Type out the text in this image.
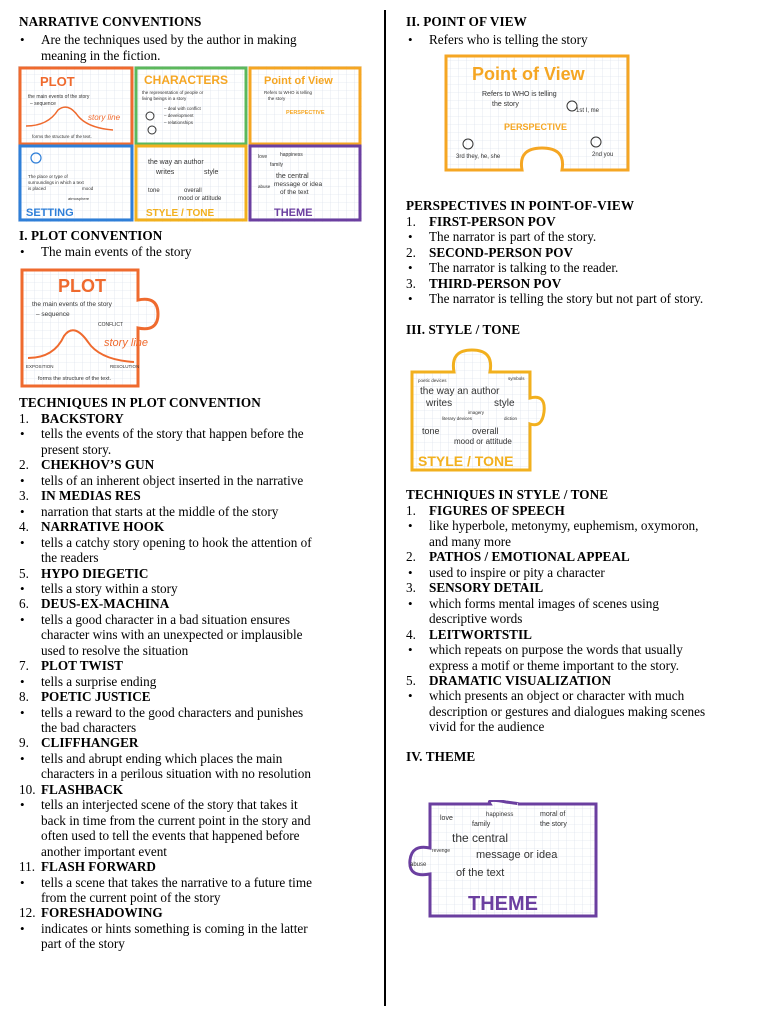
NARRATIVE CONVENTIONS
• Are the techniques used by the author in making meaning in the fiction.
PLOT
the main events of the story
– sequence
story line
forms the structure of the text.
CHARACTERS
the representation of people or
living beings in a story
– deal with conflict
– development
– relationships
Point of View
Refers to WHO is telling
the story
PERSPECTIVE
The place or type of
surroundings in which a text
is placed	mood
atmosphere
SETTING
the way an author
writes	style
tone	overall
mood or attitude
STYLE / TONE
love	happiness
family
the central
message or idea
of the text
abuse
THEME
I. PLOT CONVENTION
• The main events of the story
PLOT
the main events of the story
– sequence
CONFLICT
story line
EXPOSITION	RESOLUTION
forms the structure of the text.
TECHNIQUES IN PLOT CONVENTION
1. BACKSTORY
• tells the events of the story that happen before the
present story.
2. CHEKHOV’S GUN
• tells of an inherent object inserted in the narrative
3. IN MEDIAS RES
• narration that starts at the middle of the story
4. NARRATIVE HOOK
• tells a catchy story opening to hook the attention of
the readers
5. HYPO DIEGETIC
• tells a story within a story
6. DEUS-EX-MACHINA
• tells a good character in a bad situation ensures
character wins with an unexpected or implausible
used to resolve the situation
7. PLOT TWIST
• tells a surprise ending
8. POETIC JUSTICE
• tells a reward to the good characters and punishes
the bad characters
9. CLIFFHANGER
• tells and abrupt ending which places the main
characters in a perilous situation with no resolution
10. FLASHBACK
• tells an interjected scene of the story that takes it
back in time from the current point in the story and
often used to tell the events that happened before
another important event
11. FLASH FORWARD
• tells a scene that takes the narrative to a future time
from the current point of the story
12. FORESHADOWING
• indicates or hints something is coming in the latter
part of the story
II. POINT OF VIEW
• Refers who is telling the story
Point of View
Refers to WHO is telling
the story
PERSPECTIVE
1st I, me
2nd you
3rd they, he, she
PERSPECTIVES IN POINT-OF-VIEW
1. FIRST-PERSON POV
• The narrator is part of the story.
2. SECOND-PERSON POV
• The narrator is talking to the reader.
3. THIRD-PERSON POV
• The narrator is telling the story but not part of story.
III. STYLE / TONE
poetic devices	symbols
the way an author
writes	style
imagery
literary devices	diction
tone	overall
mood or attitude
STYLE / TONE
TECHNIQUES IN STYLE / TONE
1. FIGURES OF SPEECH
• like hyperbole, metonymy, euphemism, oxymoron,
and many more
2. PATHOS / EMOTIONAL APPEAL
• used to inspire or pity a character
3. SENSORY DETAIL
• which forms mental images of scenes using
descriptive words
4. LEITWORTSTIL
• which repeats on purpose the words that usually
express a motif or theme important to the story.
5. DRAMATIC VISUALIZATION
• which presents an object or character with much
description or gestures and dialogues making scenes
vivid for the audience
IV. THEME
love	happiness	moral of
the story
family
the central
revenge message or idea
abuse
of the text
THEME
